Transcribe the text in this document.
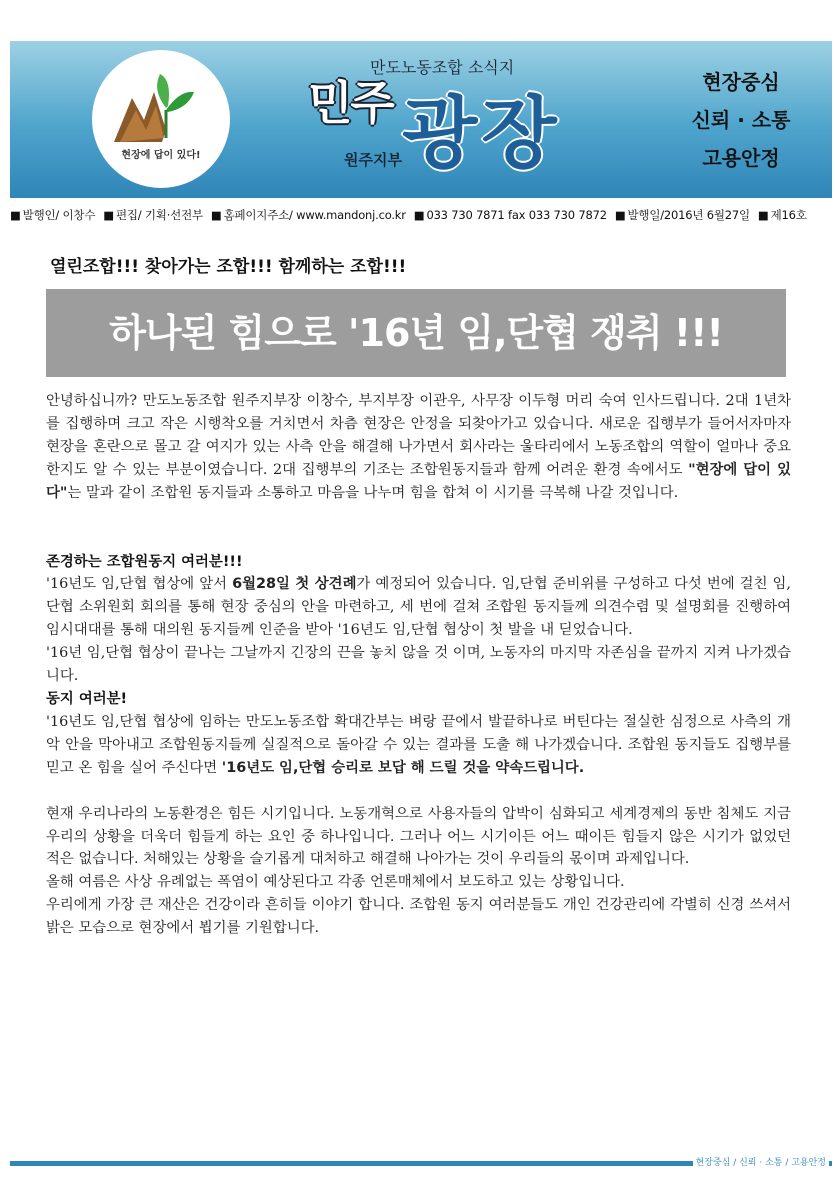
현장에 답이 있다!
만도노동조합 소식지
민주 광장
원주지부
현장중심
신뢰 · 소통
고용안정
■ 발행인/ 이창수	■ 편집/ 기획·선전부	■ 홈페이지주소/ www.mandonj.co.kr	■ 033 730 7871 fax 033 730 7872	■ 발행일/2016년 6월27일	■ 제16호
열린조합!!! 찾아가는 조합!!! 함께하는 조합!!!
하나된 힘으로 '16년 임,단협 쟁취 !!!

안녕하십니까? 만도노동조합 원주지부장 이창수, 부지부장 이관우, 사무장 이두형 머리 숙여 인사드립니다. 2대 1년차를 집행하며 크고 작은 시행착오를 거치면서 차츰 현장은 안정을 되찾아가고 있습니다. 새로운 집행부가 들어서자마자 현장을 혼란으로 몰고 갈 여지가 있는 사측 안을 해결해 나가면서 회사라는 울타리에서 노동조합의 역할이 얼마나 중요한지도 알 수 있는 부분이였습니다. 2대 집행부의 기조는 조합원동지들과 함께 어려운 환경 속에서도 "현장에 답이 있다"는 말과 같이 조합원 동지들과 소통하고 마음을 나누며 힘을 합쳐 이 시기를 극복해 나갈 것입니다.

존경하는 조합원동지 여러분!!!

'16년도 임,단협 협상에 앞서 6월28일 첫 상견례가 예정되어 있습니다. 임,단협 준비위를 구성하고 다섯 번에 걸친 임,단협 소위원회 회의를 통해 현장 중심의 안을 마련하고, 세 번에 걸쳐 조합원 동지들께 의견수렴 및 설명회를 진행하여 임시대대를 통해 대의원 동지들께 인준을 받아 '16년도 임,단협 협상이 첫 발을 내 딛었습니다.

'16년 임,단협 협상이 끝나는 그날까지 긴장의 끈을 놓치 않을 것 이며, 노동자의 마지막 자존심을 끝까지 지켜 나가겠습니다.

동지 여러분!

'16년도 임,단협 협상에 임하는 만도노동조합 확대간부는 벼랑 끝에서 발끝하나로 버틴다는 절실한 심정으로 사측의 개악 안을 막아내고 조합원동지들께 실질적으로 돌아갈 수 있는 결과를 도출 해 나가겠습니다. 조합원 동지들도 집행부를 믿고 온 힘을 실어 주신다면 '16년도 임,단협 승리로 보답 해 드릴 것을 약속드립니다.

현재 우리나라의 노동환경은 힘든 시기입니다. 노동개혁으로 사용자들의 압박이 심화되고 세계경제의 동반 침체도 지금 우리의 상황을 더욱더 힘들게 하는 요인 중 하나입니다. 그러나 어느 시기이든 어느 때이든 힘들지 않은 시기가 없었던 적은 없습니다. 처해있는 상황을 슬기롭게 대처하고 해결해 나아가는 것이 우리들의 몫이며 과제입니다.

올해 여름은 사상 유례없는 폭염이 예상된다고 각종 언론매체에서 보도하고 있는 상황입니다.

우리에게 가장 큰 재산은 건강이라 흔히들 이야기 합니다. 조합원 동지 여러분들도 개인 건강관리에 각별히 신경 쓰셔서 밝은 모습으로 현장에서 뵙기를 기원합니다.

현장중심 / 신뢰 · 소통 / 고용안정
